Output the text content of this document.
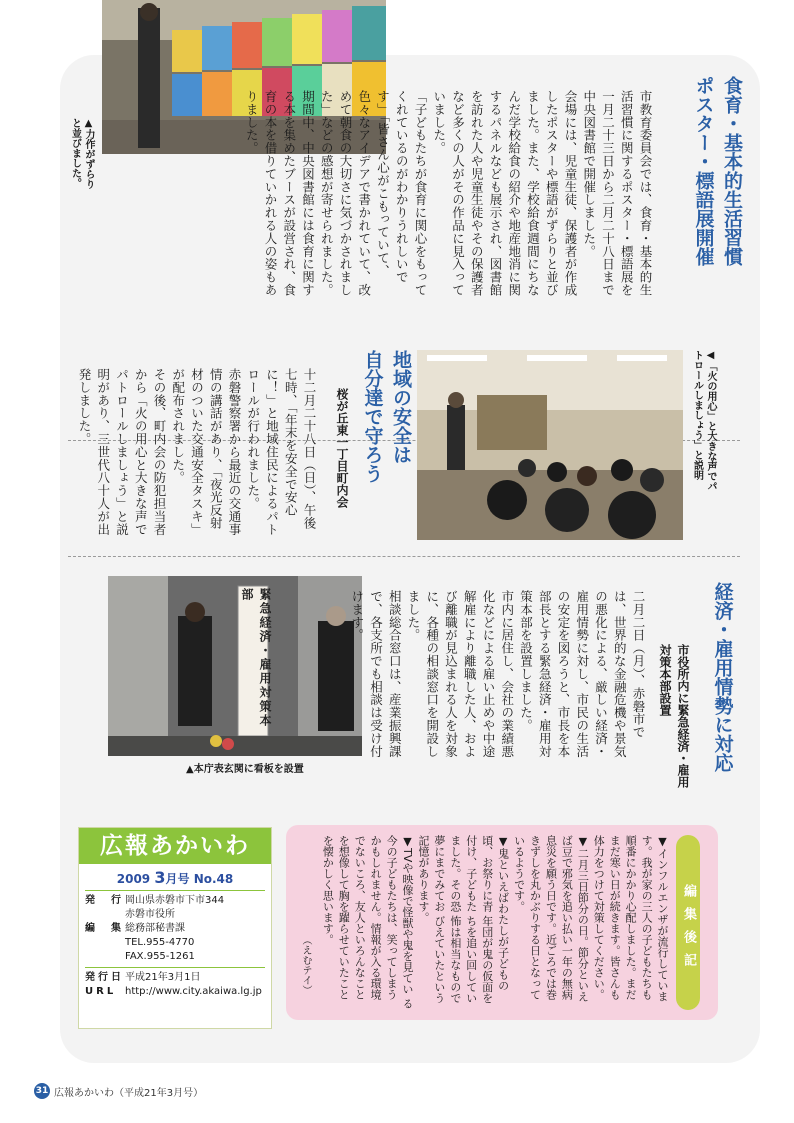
▲力作がずらりと並びました。	食育・基本的生活習慣
ポスター・標語展開催
市教育委員会では、食育・基本的生活習慣に関するポスター・標語展を一月二十三日から二月二十八日まで中央図書館で開催しました。
会場には、児童生徒、保護者が作成したポスターや標語がずらりと並びました。また、学校給食週間にちなんだ学校給食の紹介や地産地消に関するパネルなども展示され、図書館を訪れた人や児童生徒やその保護者など多くの人がその作品に見入っていました。
「子どもたちが食育に関心をもってくれているのがわかりうれしいです」「皆さん心がこもっていて、色々なアイデアで書かれていて、改めて朝食の大切さに気づかされました」などの感想が寄せられました。期間中、中央図書館には食育に関する本を集めたブースが設営され、食育の本を借りていかれる人の姿もありました。
◀「火の用心」と大きな声でパトロールしましょう」と説明
地域の安全は
自分達で守ろう
桜が丘東一丁目町内会
十二月二十八日（日）、午後七時、「年末を安全で安心に！」と地域住民によるパトロールが行われました。
赤磐警察署から最近の交通事情の講話があり、「夜光反射材のついた交通安全タスキ」が配布されました。
その後、町内会の防犯担当者から「火の用心と大きな声でパトロールしましょう」と説明があり、三世代八十人が出発しました。
緊急経済・雇用対策本部
▲本庁表玄関に看板を設置	経済・雇用情勢に対応
市役所内に緊急経済・雇用
対策本部設置
二月二日（月）、赤磐市では、世界的な金融危機や景気の悪化による、厳しい経済・雇用情勢に対し、市民の生活の安定を図ろうと、市長を本部長とする緊急経済・雇用対策本部を設置しました。
市内に居住し、会社の業績悪化などによる雇い止めや中途解雇により離職した人、および離職が見込まれる人を対象に、各種の相談窓口を開設しました。
相談総合窓口は、産業振興課で、各支所でも相談は受け付けます。
広報あかいわ
2009 3月号 No.48
発　行 岡山県赤磐市下市344
赤磐市役所
編　集 総務部秘書課
TEL.955-4770
FAX.955-1261
発行日 平成21年3月1日
URL http://www.city.akaiwa.lg.jp
編集後記
▼インフルエンザが流行していま す。我が家の三人の子どもたちも 順番にかかり心配しました。まだ まだ寒い日が続きます。皆さんも 体力をつけて対策してください。
▼二月三日節分の日。節分といえ ば豆で邪気を追い払い一年の無病 息災を願う日です。近ごろでは巻 きずしを丸かぶりする日となって いるようです。
▼鬼といえばわたしが子どもの頃、お祭りに青 年団が鬼の仮面を付け、子どもた ちを追い回していました。その恐 怖は相当なもので夢にまでみてお びえていたという記憶があります。
▼TVや映像で怪獣や鬼を見てい る今の子どもたちは、笑ってしまう かもしれません。情報が入る環境 でないころ、友人といろんなこと を想像して胸を躍らせていたこと を懐かしく思います。
（えむテイ）
31 広報あかいわ（平成21年3月号）
